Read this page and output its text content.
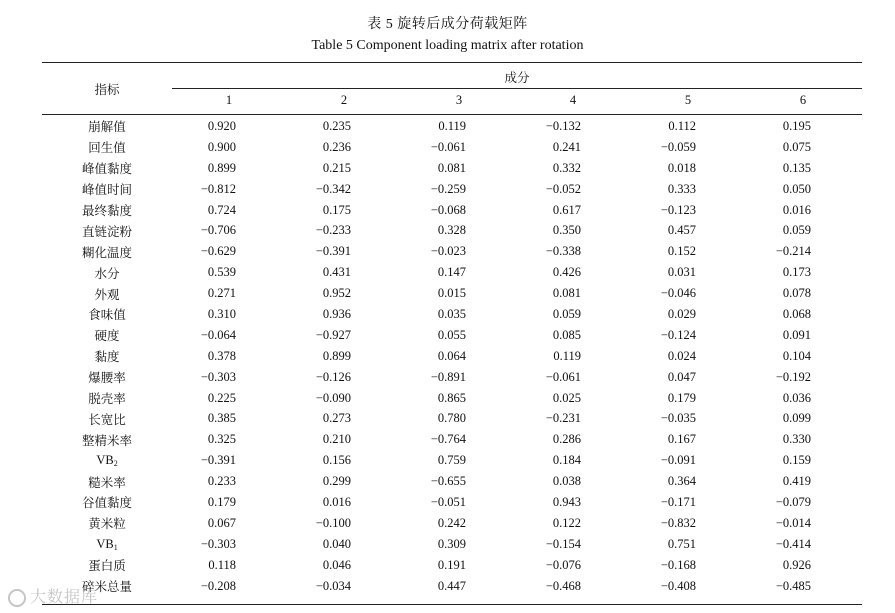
表 5 旋转后成分荷载矩阵
Table 5 Component loading matrix after rotation
指标
成分
1	2	3	4	5	6
崩解值	0.920	0.235	0.119	−0.132	0.112	0.195
回生值	0.900	0.236	−0.061	0.241	−0.059	0.075
峰值黏度	0.899	0.215	0.081	0.332	0.018	0.135
峰值时间	−0.812	−0.342	−0.259	−0.052	0.333	0.050
最终黏度	0.724	0.175	−0.068	0.617	−0.123	0.016
直链淀粉	−0.706	−0.233	0.328	0.350	0.457	0.059
糊化温度	−0.629	−0.391	−0.023	−0.338	0.152	−0.214
水分	0.539	0.431	0.147	0.426	0.031	0.173
外观	0.271	0.952	0.015	0.081	−0.046	0.078
食味值	0.310	0.936	0.035	0.059	0.029	0.068
硬度	−0.064	−0.927	0.055	0.085	−0.124	0.091
黏度	0.378	0.899	0.064	0.119	0.024	0.104
爆腰率	−0.303	−0.126	−0.891	−0.061	0.047	−0.192
脱壳率	0.225	−0.090	0.865	0.025	0.179	0.036
长宽比	0.385	0.273	0.780	−0.231	−0.035	0.099
整精米率	0.325	0.210	−0.764	0.286	0.167	0.330
$VB_2$	−0.391	0.156	0.759	0.184	−0.091	0.159
糙米率	0.233	0.299	−0.655	0.038	0.364	0.419
谷值黏度	0.179	0.016	−0.051	0.943	−0.171	−0.079
黄米粒	0.067	−0.100	0.242	0.122	−0.832	−0.014
$VB_1$	−0.303	0.040	0.309	−0.154	0.751	−0.414
蛋白质	0.118	0.046	0.191	−0.076	−0.168	0.926
碎米总量	−0.208	−0.034	0.447	−0.468	−0.408	−0.485
大数据库
